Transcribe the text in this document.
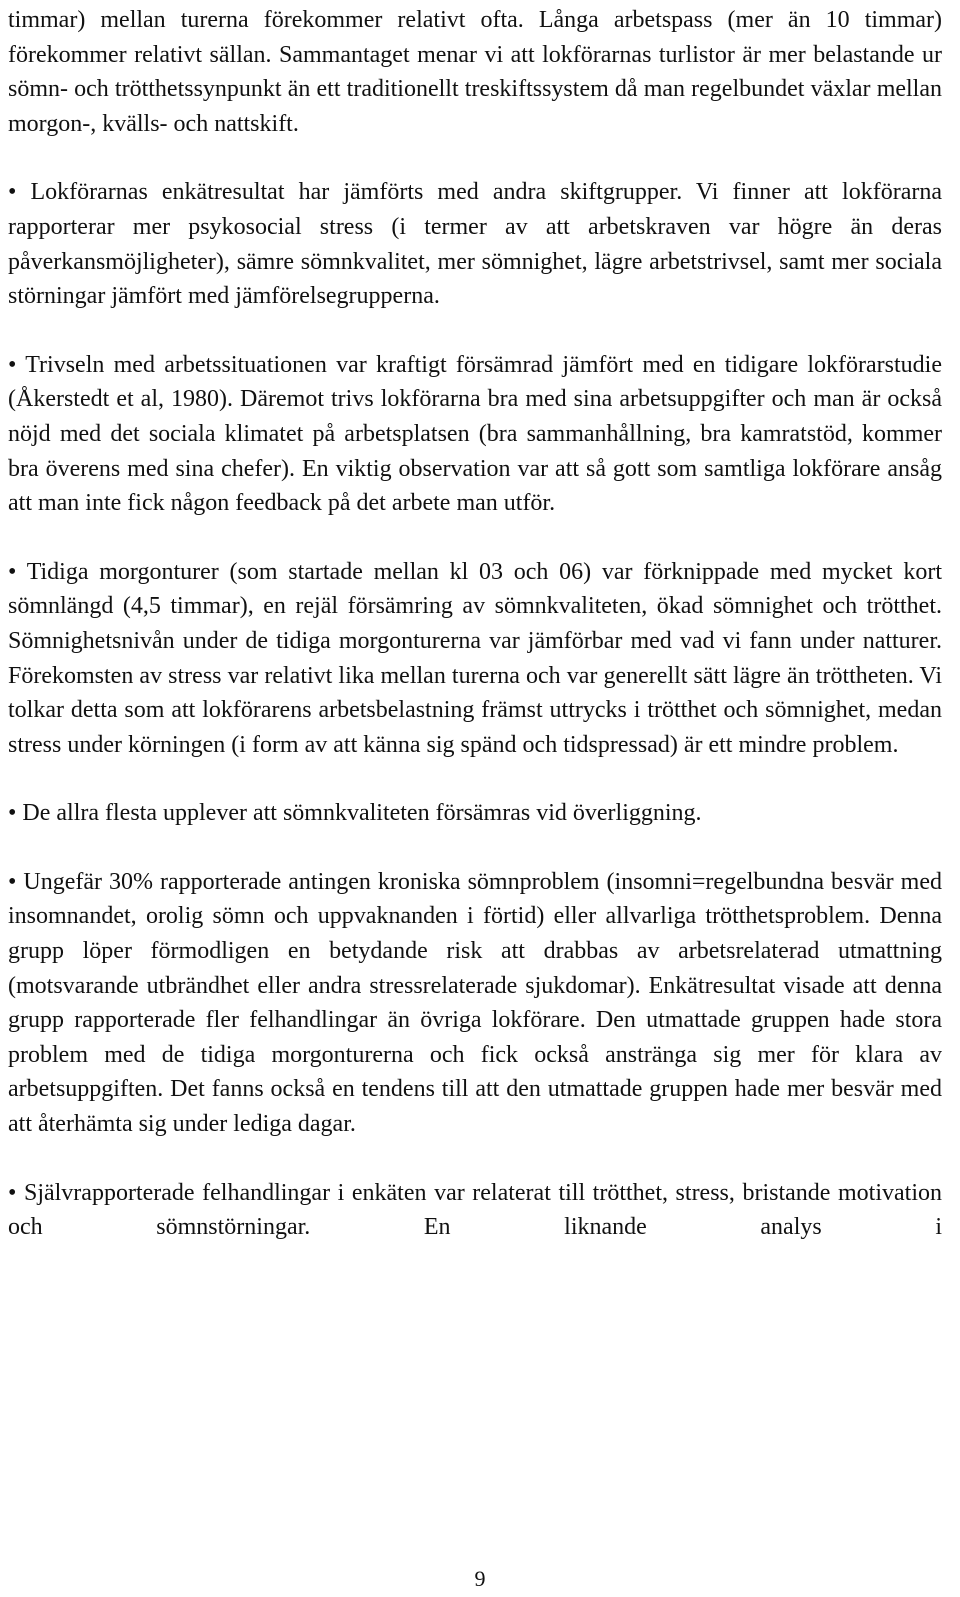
timmar) mellan turerna förekommer relativt ofta. Långa arbetspass (mer än 10 timmar) förekommer relativt sällan. Sammantaget menar vi att lokförarnas turlistor är mer belastande ur sömn- och trötthetssynpunkt än ett traditionellt treskiftssystem då man regelbundet växlar mellan morgon-, kvälls- och nattskift.

• Lokförarnas enkätresultat har jämförts med andra skiftgrupper. Vi finner att lokförarna rapporterar mer psykosocial stress (i termer av att arbetskraven var högre än deras påverkansmöjligheter), sämre sömnkvalitet, mer sömnighet, lägre arbetstrivsel, samt mer sociala störningar jämfört med jämförelsegrupperna.

• Trivseln med arbetssituationen var kraftigt försämrad jämfört med en tidigare lokförarstudie (Åkerstedt et al, 1980). Däremot trivs lokförarna bra med sina arbetsuppgifter och man är också nöjd med det sociala klimatet på arbetsplatsen (bra sammanhållning, bra kamratstöd, kommer bra överens med sina chefer). En viktig observation var att så gott som samtliga lokförare ansåg att man inte fick någon feedback på det arbete man utför.

• Tidiga morgonturer (som startade mellan kl 03 och 06) var förknippade med mycket kort sömnlängd (4,5 timmar), en rejäl försämring av sömnkvaliteten, ökad sömnighet och trötthet. Sömnighetsnivån under de tidiga morgonturerna var jämförbar med vad vi fann under natturer. Förekomsten av stress var relativt lika mellan turerna och var generellt sätt lägre än tröttheten. Vi tolkar detta som att lokförarens arbetsbelastning främst uttrycks i trötthet och sömnighet, medan stress under körningen (i form av att känna sig spänd och tidspressad) är ett mindre problem.

• De allra flesta upplever att sömnkvaliteten försämras vid överliggning.

• Ungefär 30% rapporterade antingen kroniska sömnproblem (insomni=regelbundna besvär med insomnandet, orolig sömn och uppvaknanden i förtid) eller allvarliga trötthetsproblem. Denna grupp löper förmodligen en betydande risk att drabbas av arbetsrelaterad utmattning (motsvarande utbrändhet eller andra stressrelaterade sjukdomar). Enkätresultat visade att denna grupp rapporterade fler felhandlingar än övriga lokförare. Den utmattade gruppen hade stora problem med de tidiga morgonturerna och fick också anstränga sig mer för klara av arbetsuppgiften. Det fanns också en tendens till att den utmattade gruppen hade mer besvär med att återhämta sig under lediga dagar.

• Självrapporterade felhandlingar i enkäten var relaterat till trötthet, stress, bristande motivation och sömnstörningar. En liknande analys i

9
